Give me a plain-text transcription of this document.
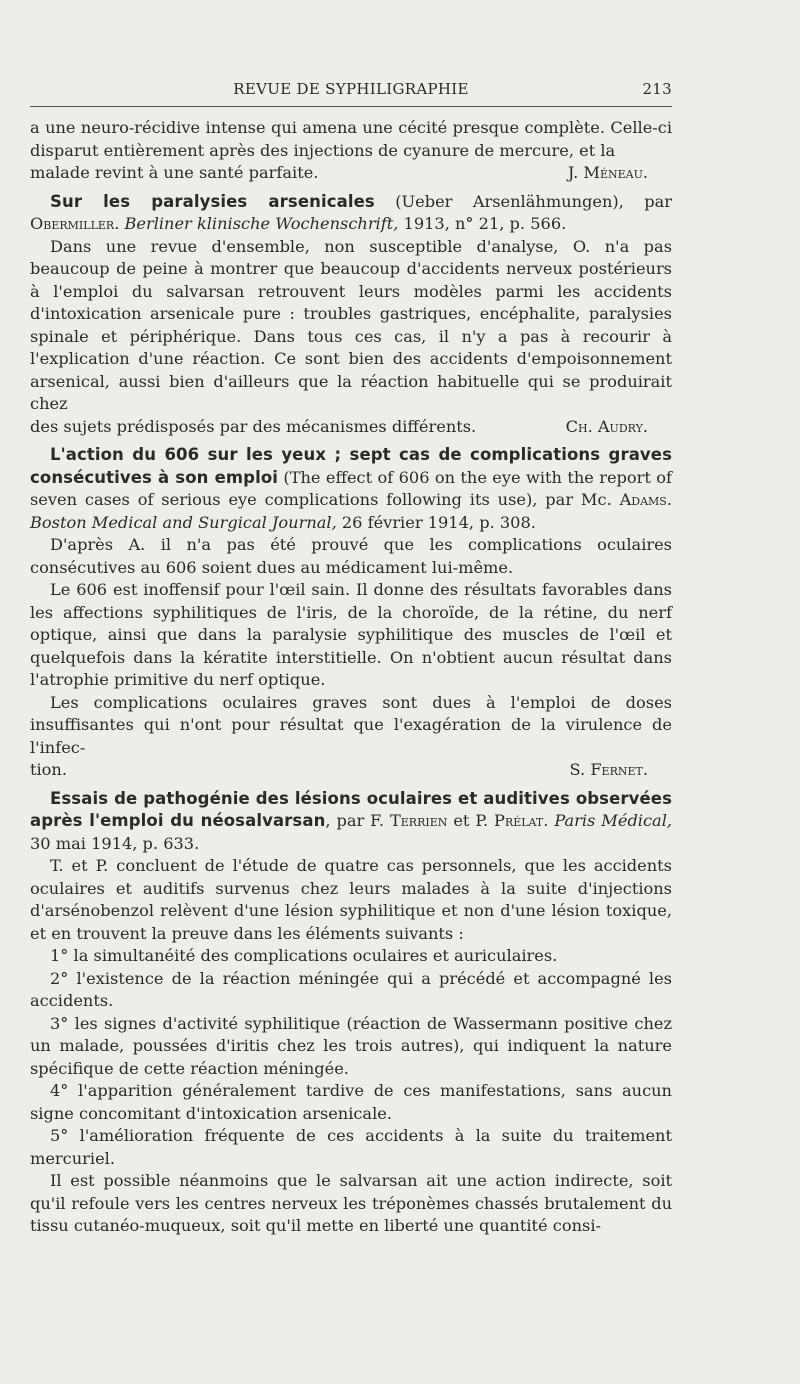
REVUE DE SYPHILIGRAPHIE	213

a une neuro-récidive intense qui amena une cécité presque complète. Celle-ci disparut entièrement après des injections de cyanure de mercure, et la

malade revint à une santé parfaite.	J. Méneau.

Sur les paralysies arsenicales (Ueber Arsenlähmungen), par Obermiller. Berliner klinische Wochenschrift, 1913, n° 21, p. 566.

Dans une revue d'ensemble, non susceptible d'analyse, O. n'a pas beaucoup de peine à montrer que beaucoup d'accidents nerveux postérieurs à l'emploi du salvarsan retrouvent leurs modèles parmi les accidents d'intoxication arsenicale pure : troubles gastriques, encéphalite, paralysies spinale et périphérique. Dans tous ces cas, il n'y a pas à recourir à l'explication d'une réaction. Ce sont bien des accidents d'empoisonnement arsenical, aussi bien d'ailleurs que la réaction habituelle qui se produirait chez

des sujets prédisposés par des mécanismes différents.	Ch. Audry.

L'action du 606 sur les yeux ; sept cas de complications graves consécutives à son emploi (The effect of 606 on the eye with the report of seven cases of serious eye complications following its use), par Mc. Adams. Boston Medical and Surgical Journal, 26 février 1914, p. 308.

D'après A. il n'a pas été prouvé que les complications oculaires consécutives au 606 soient dues au médicament lui-même.

Le 606 est inoffensif pour l'œil sain. Il donne des résultats favorables dans les affections syphilitiques de l'iris, de la choroïde, de la rétine, du nerf optique, ainsi que dans la paralysie syphilitique des muscles de l'œil et quelquefois dans la kératite interstitielle. On n'obtient aucun résultat dans l'atrophie primitive du nerf optique.

Les complications oculaires graves sont dues à l'emploi de doses insuffisantes qui n'ont pour résultat que l'exagération de la virulence de l'infec-

tion.	S. Fernet.

Essais de pathogénie des lésions oculaires et auditives observées après l'emploi du néosalvarsan, par F. Terrien et P. Prélat. Paris Médical, 30 mai 1914, p. 633.

T. et P. concluent de l'étude de quatre cas personnels, que les accidents oculaires et auditifs survenus chez leurs malades à la suite d'injections d'arsénobenzol relèvent d'une lésion syphilitique et non d'une lésion toxique, et en trouvent la preuve dans les éléments suivants :

1° la simultanéité des complications oculaires et auriculaires.

2° l'existence de la réaction méningée qui a précédé et accompagné les accidents.

3° les signes d'activité syphilitique (réaction de Wassermann positive chez un malade, poussées d'iritis chez les trois autres), qui indiquent la nature spécifique de cette réaction méningée.

4° l'apparition généralement tardive de ces manifestations, sans aucun signe concomitant d'intoxication arsenicale.

5° l'amélioration fréquente de ces accidents à la suite du traitement mercuriel.

Il est possible néanmoins que le salvarsan ait une action indirecte, soit qu'il refoule vers les centres nerveux les tréponèmes chassés brutalement du tissu cutanéo-muqueux, soit qu'il mette en liberté une quantité consi-
